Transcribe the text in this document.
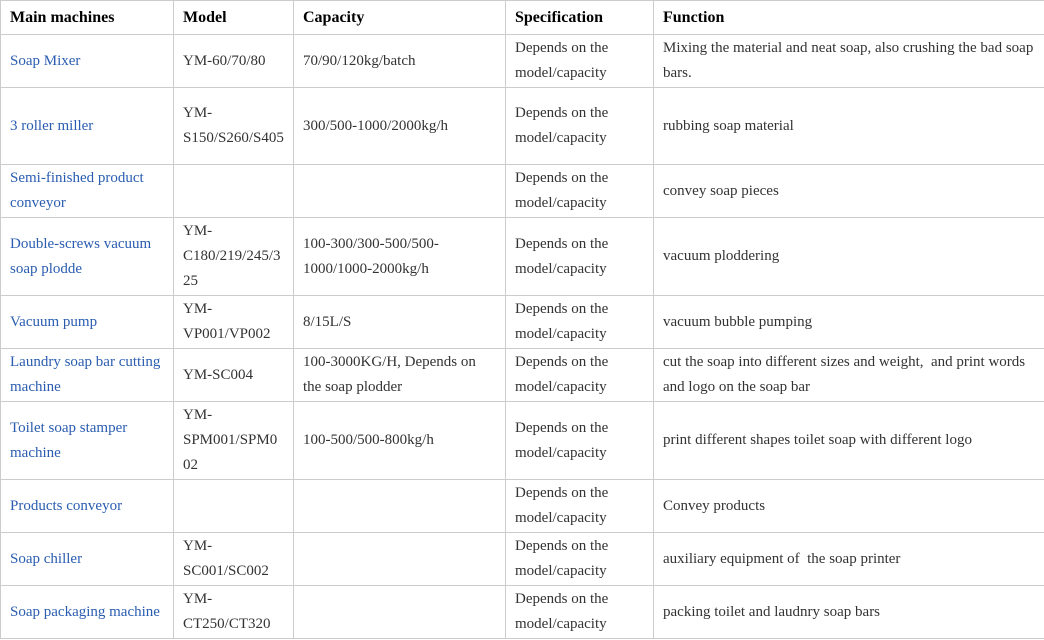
Main machines	Model	Capacity	Specification	Function
Soap Mixer	YM-60/70/80	70/90/120kg/batch	Depends on the model/capacity	Mixing the material and neat soap, also crushing the bad soap bars.
3 roller miller	YM-S150/S260/S405	300/500-1000/2000kg/h	Depends on the model/capacity	rubbing soap material
Semi-finished product conveyor			Depends on the model/capacity	convey soap pieces
Double-screws vacuum soap plodde	YM-C180/219/245/325	100-300/300-500/500-1000/1000-2000kg/h	Depends on the model/capacity	vacuum ploddering
Vacuum pump	YM-VP001/VP002	8/15L/S	Depends on the model/capacity	vacuum bubble pumping
Laundry soap bar cutting machine	YM-SC004	100-3000KG/H, Depends on the soap plodder	Depends on the model/capacity	cut the soap into different sizes and weight,  and print words and logo on the soap bar
Toilet soap stamper machine	YM-SPM001/SPM002	100-500/500-800kg/h	Depends on the model/capacity	print different shapes toilet soap with different logo
Products conveyor			Depends on the model/capacity	Convey products
Soap chiller	YM-SC001/SC002		Depends on the model/capacity	auxiliary equipment of  the soap printer
Soap packaging machine	YM-CT250/CT320		Depends on the model/capacity	packing toilet and laudnry soap bars
